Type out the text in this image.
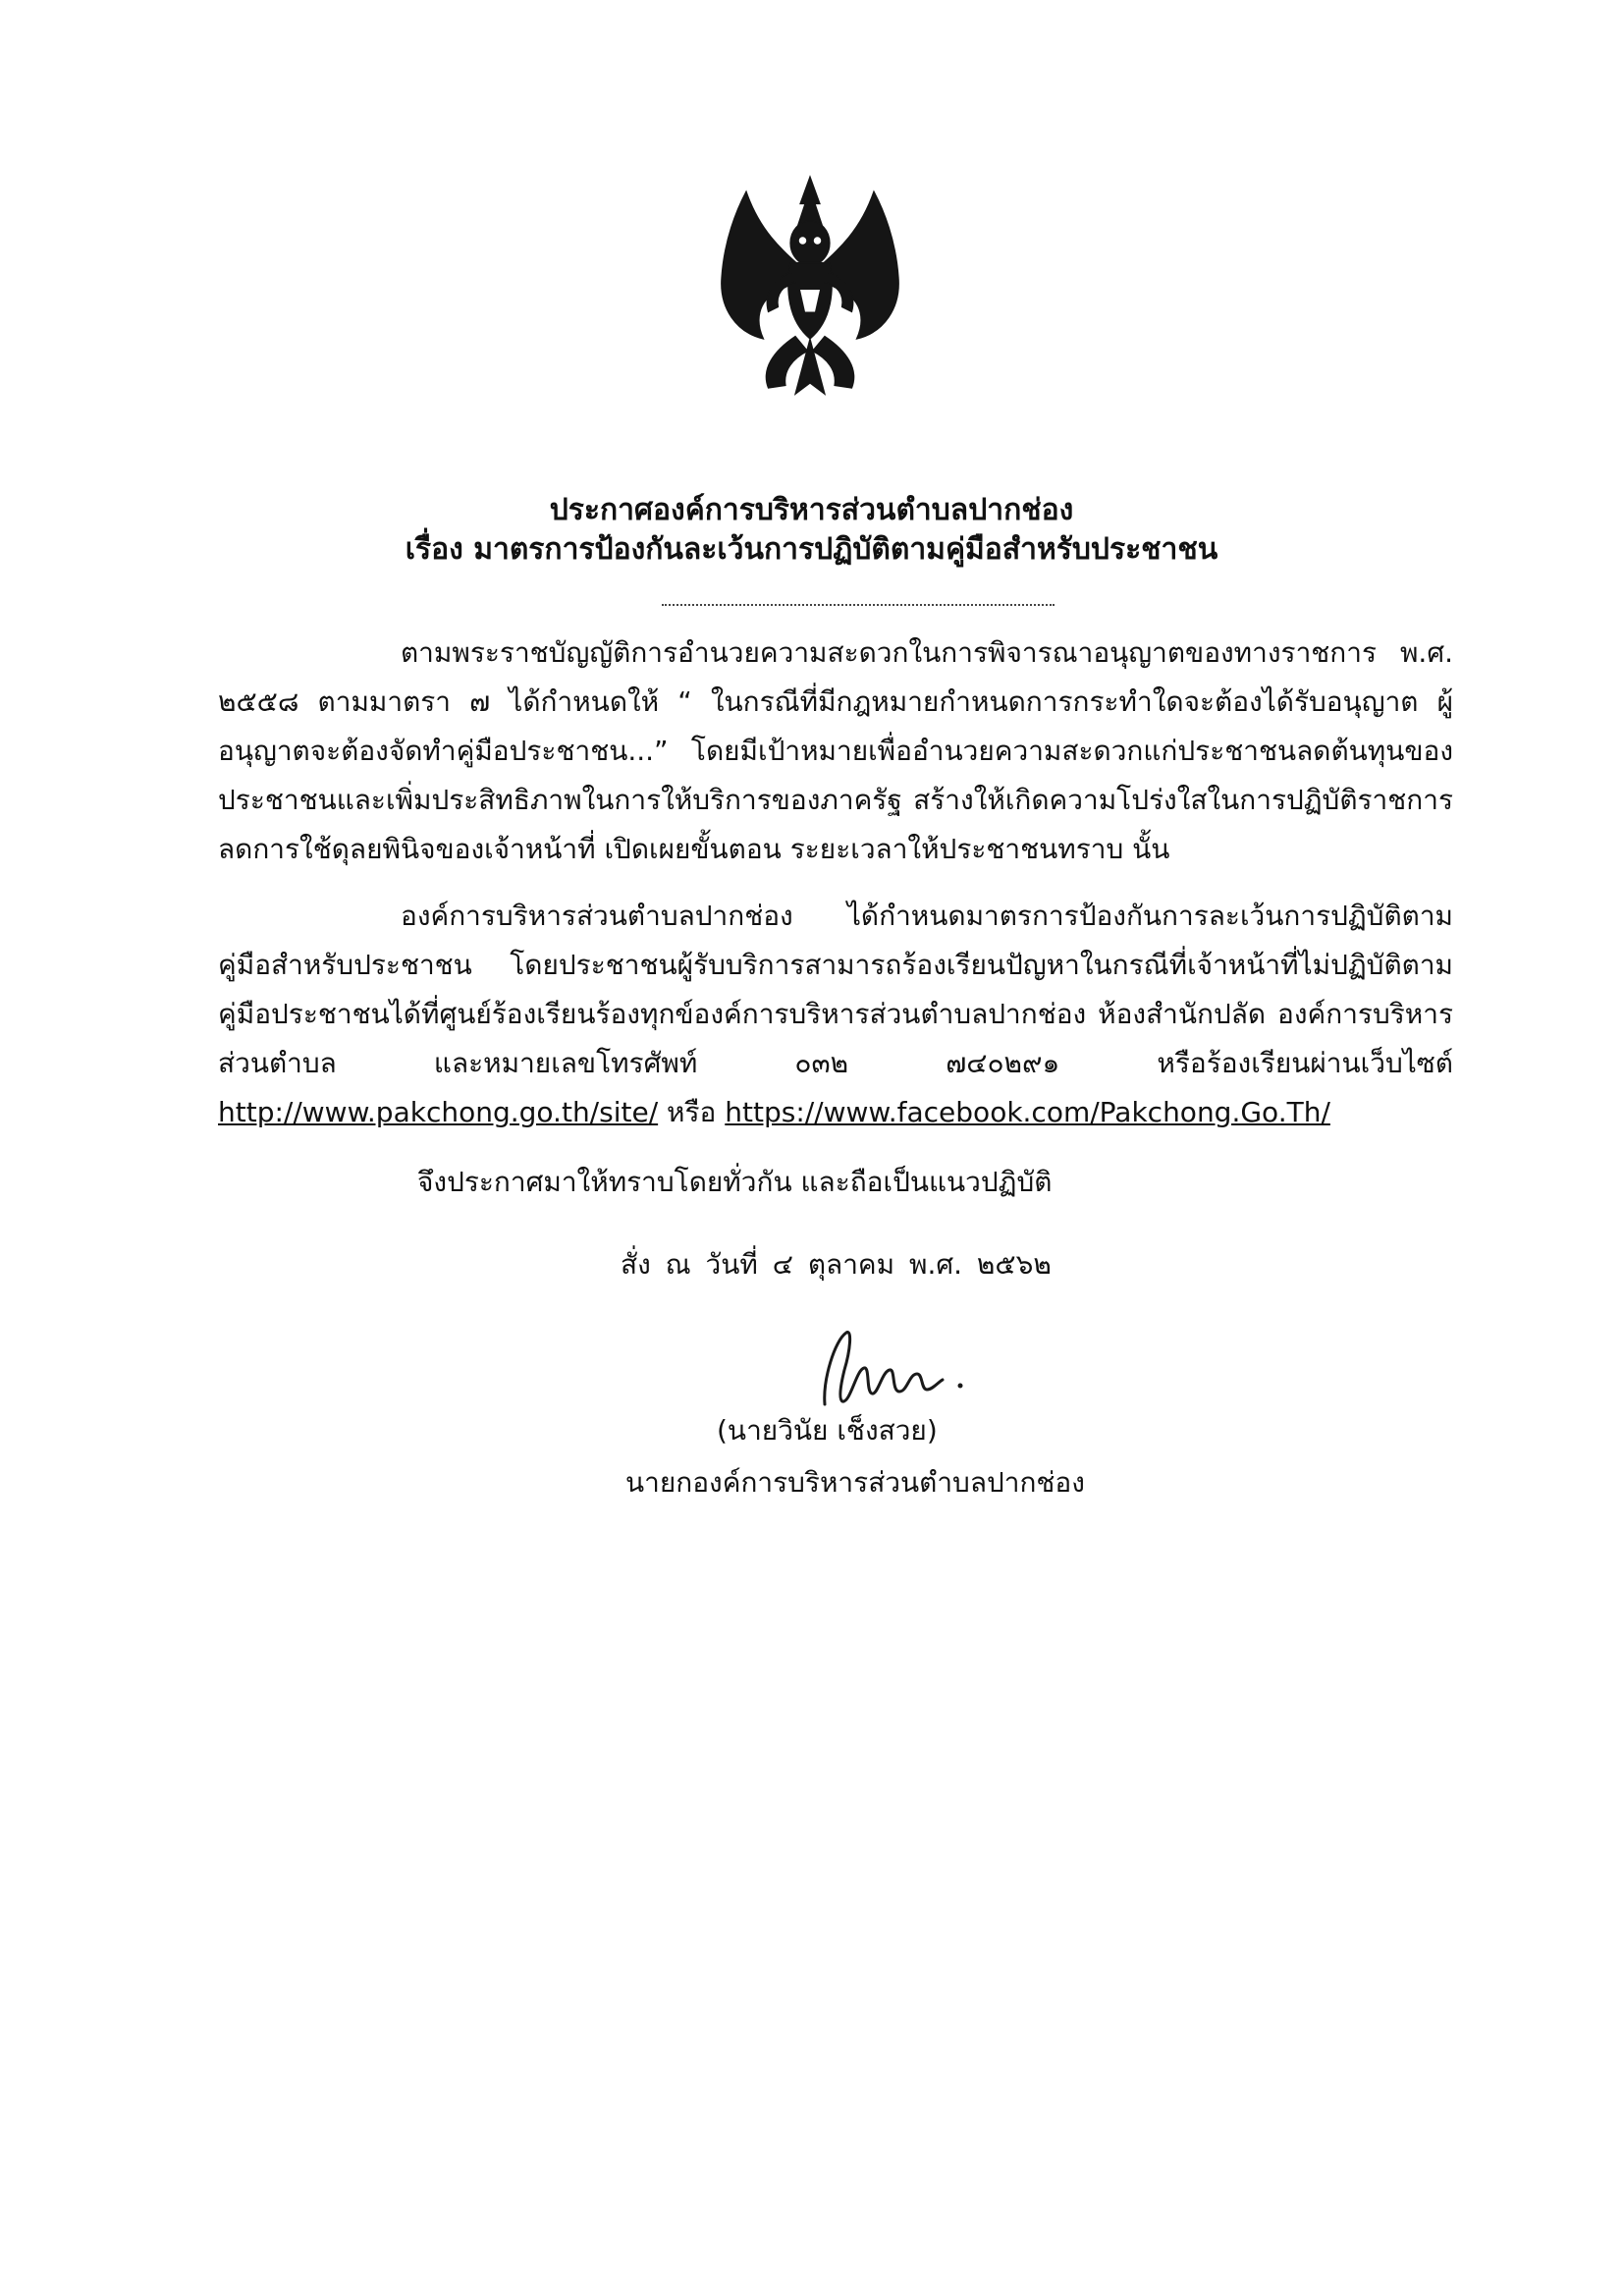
ประกาศองค์การบริหารส่วนตำบลปากช่อง
เรื่อง มาตรการป้องกันละเว้นการปฏิบัติตามคู่มือสำหรับประชาชน
ตามพระราชบัญญัติการอำนวยความสะดวกในการพิจารณาอนุญาตของทางราชการ พ.ศ. ๒๕๕๘ ตามมาตรา ๗ ได้กำหนดให้ “ ในกรณีที่มีกฎหมายกำหนดการกระทำใดจะต้องได้รับอนุญาต ผู้อนุญาตจะต้องจัดทำคู่มือประชาชน...” โดยมีเป้าหมายเพื่ออำนวยความสะดวกแก่ประชาชนลดต้นทุนของประชาชนและเพิ่มประสิทธิภาพในการให้บริการของภาครัฐ สร้างให้เกิดความโปร่งใสในการปฏิบัติราชการ ลดการใช้ดุลยพินิจของเจ้าหน้าที่ เปิดเผยขั้นตอน ระยะเวลาให้ประชาชนทราบ นั้น
องค์การบริหารส่วนตำบลปากช่อง ได้กำหนดมาตรการป้องกันการละเว้นการปฏิบัติตามคู่มือสำหรับประชาชน โดยประชาชนผู้รับบริการสามารถร้องเรียนปัญหาในกรณีที่เจ้าหน้าที่ไม่ปฏิบัติตามคู่มือประชาชนได้ที่ศูนย์ร้องเรียนร้องทุกข์องค์การบริหารส่วนตำบลปากช่อง ห้องสำนักปลัด องค์การบริหารส่วนตำบล และหมายเลขโทรศัพท์ ๐๓๒ ๗๔๐๒๙๑ หรือร้องเรียนผ่านเว็บไซต์ http://www.pakchong.go.th/site/ หรือ https://www.facebook.com/Pakchong.Go.Th/
จึงประกาศมาให้ทราบโดยทั่วกัน และถือเป็นแนวปฏิบัติ
สั่ง ณ วันที่ ๔ ตุลาคม พ.ศ. ๒๕๖๒
(นายวินัย เช็งสวย)
นายกองค์การบริหารส่วนตำบลปากช่อง
